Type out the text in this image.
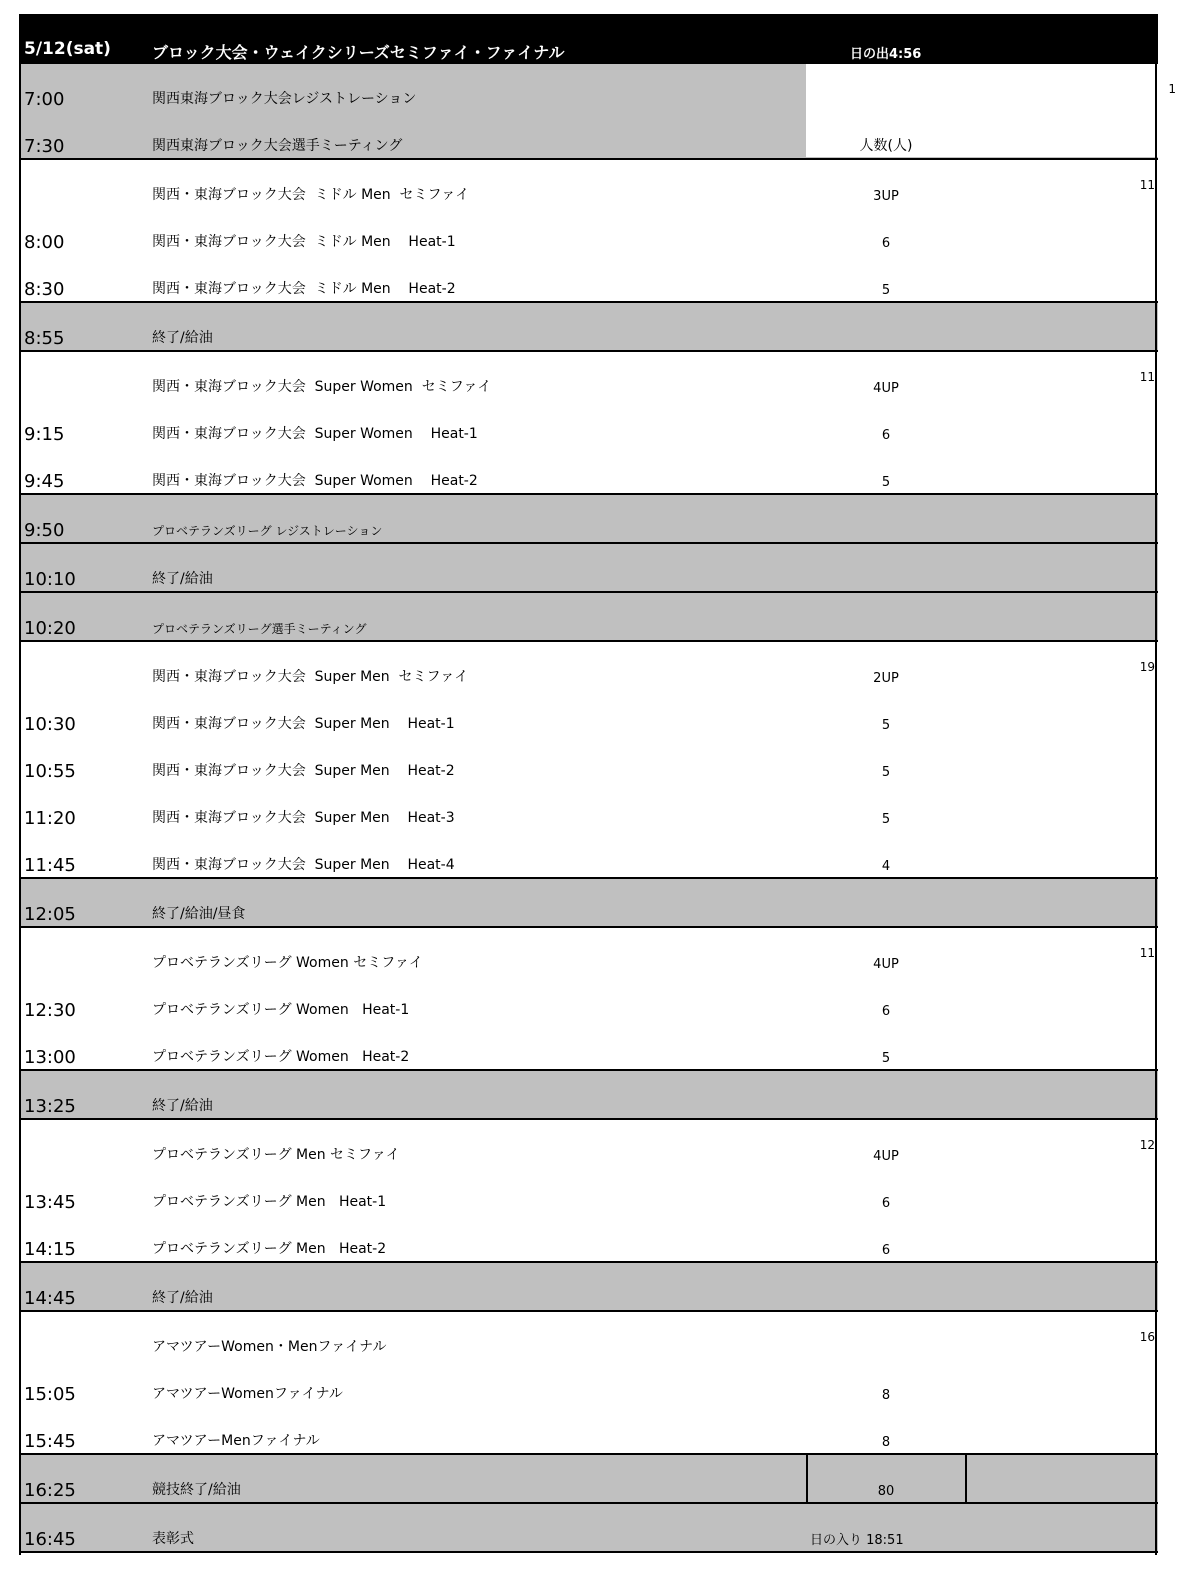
5/12(sat)	ブロック大会・ウェイクシリーズセミファイ・ファイナル	日の出4:56
1
7:00	関西東海ブロック大会レジストレーション
7:30	関西東海ブロック大会選手ミーティング	人数(人)
11
関西・東海ブロック大会  ミドル Men  セミファイ	3UP
8:00	関西・東海ブロック大会  ミドル Men    Heat-1	6
8:30	関西・東海ブロック大会  ミドル Men    Heat-2	5
8:55	終了/給油
11
関西・東海ブロック大会  Super Women  セミファイ	4UP
9:15	関西・東海ブロック大会  Super Women    Heat-1	6
9:45	関西・東海ブロック大会  Super Women    Heat-2	5
9:50	プロベテランズリーグ レジストレーション
10:10	終了/給油
10:20	プロベテランズリーグ選手ミーティング
19
関西・東海ブロック大会  Super Men  セミファイ	2UP
10:30	関西・東海ブロック大会  Super Men    Heat-1	5
10:55	関西・東海ブロック大会  Super Men    Heat-2	5
11:20	関西・東海ブロック大会  Super Men    Heat-3	5
11:45	関西・東海ブロック大会  Super Men    Heat-4	4
12:05	終了/給油/昼食
11
プロベテランズリーグ Women セミファイ	4UP
12:30	プロベテランズリーグ Women   Heat-1	6
13:00	プロベテランズリーグ Women   Heat-2	5
13:25	終了/給油
12
プロベテランズリーグ Men セミファイ	4UP
13:45	プロベテランズリーグ Men   Heat-1	6
14:15	プロベテランズリーグ Men   Heat-2	6
14:45	終了/給油
16
アマツアーWomen・Menファイナル
15:05	アマツアーWomenファイナル	8
15:45	アマツアーMenファイナル	8
16:25	競技終了/給油	80
16:45	表彰式	日の入り 18:51
